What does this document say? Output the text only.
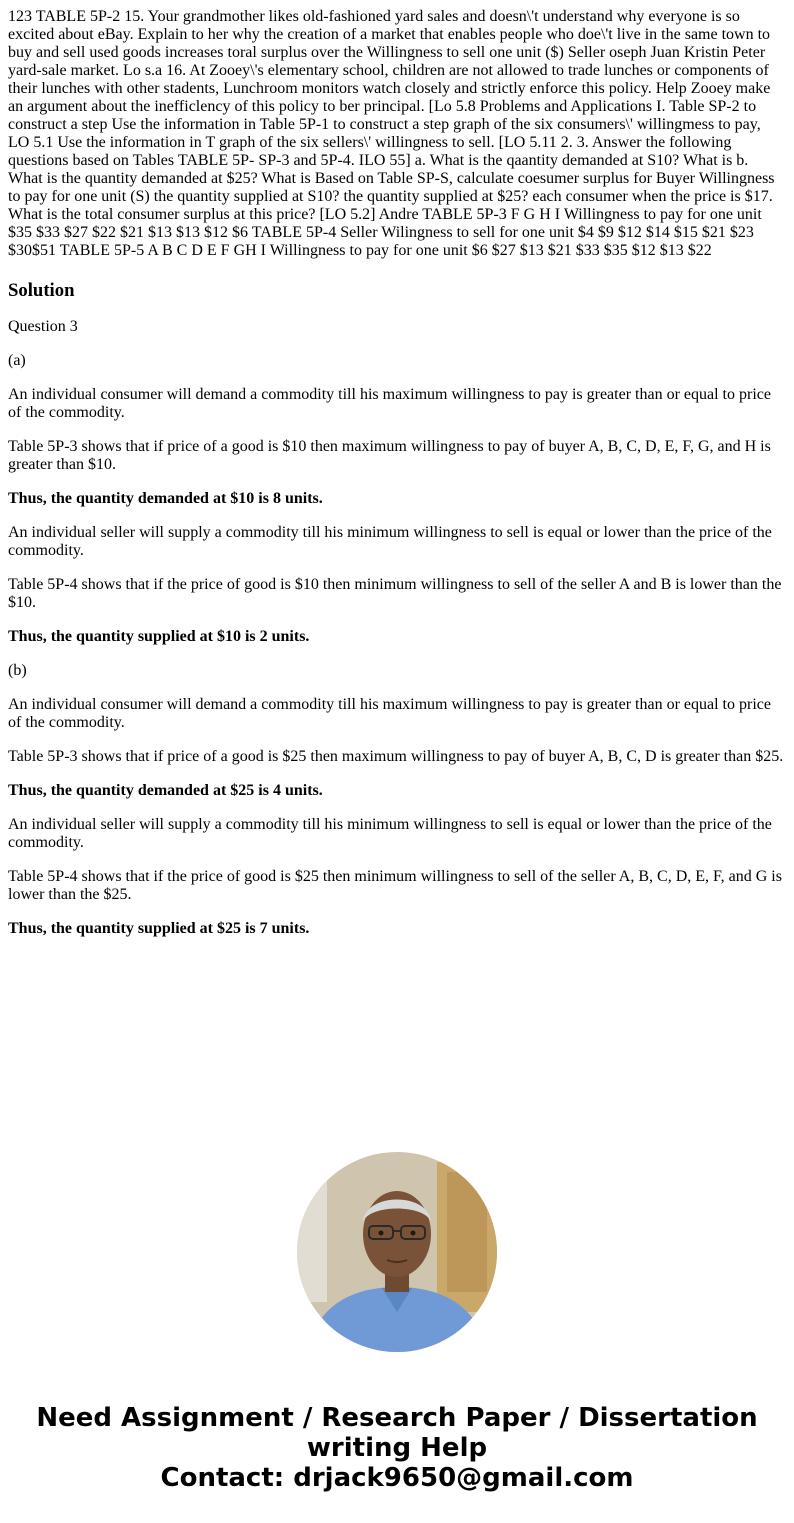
123 TABLE 5P-2 15. Your grandmother likes old-fashioned yard sales and doesn\'t understand why everyone is so excited about eBay. Explain to her why the creation of a market that enables people who doe\'t live in the same town to buy and sell used goods increases toral surplus over the Willingness to sell one unit ($) Seller oseph Juan Kristin Peter yard-sale market. Lo s.a 16. At Zooey\'s elementary school, children are not allowed to trade lunches or components of their lunches with other stadents, Lunchroom monitors watch closely and strictly enforce this policy. Help Zooey make an argument about the inefficlency of this policy to ber principal. [Lo 5.8 Problems and Applications I. Table SP-2 to construct a step Use the information in Table 5P-1 to construct a step graph of the six consumers\' willingmess to pay, LO 5.1 Use the information in T graph of the six sellers\' willingness to sell. [LO 5.11 2. 3. Answer the following questions based on Tables TABLE 5P- SP-3 and 5P-4. ILO 55] a. What is the qaantity demanded at S10? What is b. What is the quantity demanded at $25? What is Based on Table SP-S, calculate coesumer surplus for Buyer Willingness to pay for one unit (S) the quantity supplied at S10? the quantity supplied at $25? each consumer when the price is $17. What is the total consumer surplus at this price? [LO 5.2] Andre TABLE 5P-3 F G H I Willingness to pay for one unit $35 $33 $27 $22 $21 $13 $13 $12 $6 TABLE 5P-4 Seller Wilingness to sell for one unit $4 $9 $12 $14 $15 $21 $23 $30$51 TABLE 5P-5 A B C D E F GH I Willingness to pay for one unit $6 $27 $13 $21 $33 $35 $12 $13 $22

Solution

Question 3

(a)

An individual consumer will demand a commodity till his maximum willingness to pay is greater than or equal to price of the commodity.

Table 5P-3 shows that if price of a good is $10 then maximum willingness to pay of buyer A, B, C, D, E, F, G, and H is greater than $10.

Thus, the quantity demanded at $10 is 8 units.

An individual seller will supply a commodity till his minimum willingness to sell is equal or lower than the price of the commodity.

Table 5P-4 shows that if the price of good is $10 then minimum willingness to sell of the seller A and B is lower than the $10.

Thus, the quantity supplied at $10 is 2 units.

(b)

An individual consumer will demand a commodity till his maximum willingness to pay is greater than or equal to price of the commodity.

Table 5P-3 shows that if price of a good is $25 then maximum willingness to pay of buyer A, B, C, D is greater than $25.

Thus, the quantity demanded at $25 is 4 units.

An individual seller will supply a commodity till his minimum willingness to sell is equal or lower than the price of the commodity.

Table 5P-4 shows that if the price of good is $25 then minimum willingness to sell of the seller A, B, C, D, E, F, and G is lower than the $25.

Thus, the quantity supplied at $25 is 7 units.

Need Assignment / Research Paper / Dissertation
writing Help
Contact: drjack9650@gmail.com
